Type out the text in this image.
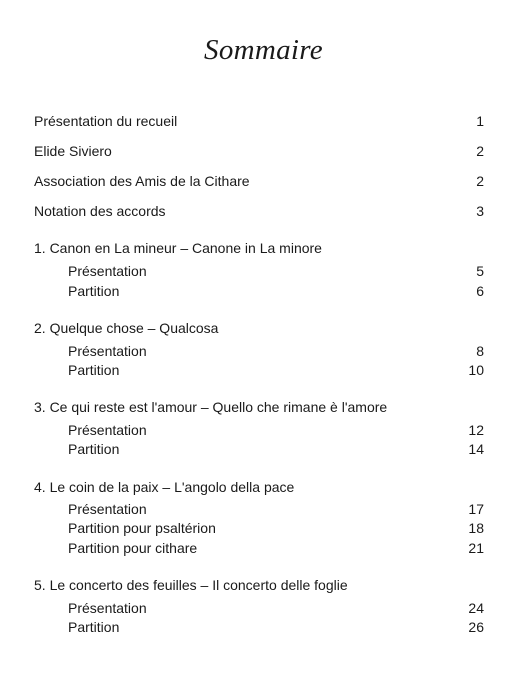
Sommaire
Présentation du recueil	1
Elide Siviero	2
Association des Amis de la Cithare	2
Notation des accords	3
1. Canon en La mineur – Canone in La minore
Présentation	5
Partition	6
2. Quelque chose – Qualcosa
Présentation	8
Partition	10
3. Ce qui reste est l'amour – Quello che rimane è l'amore
Présentation	12
Partition	14
4. Le coin de la paix – L'angolo della pace
Présentation	17
Partition pour psaltérion	18
Partition pour cithare	21
5. Le concerto des feuilles – Il concerto delle foglie
Présentation	24
Partition	26
